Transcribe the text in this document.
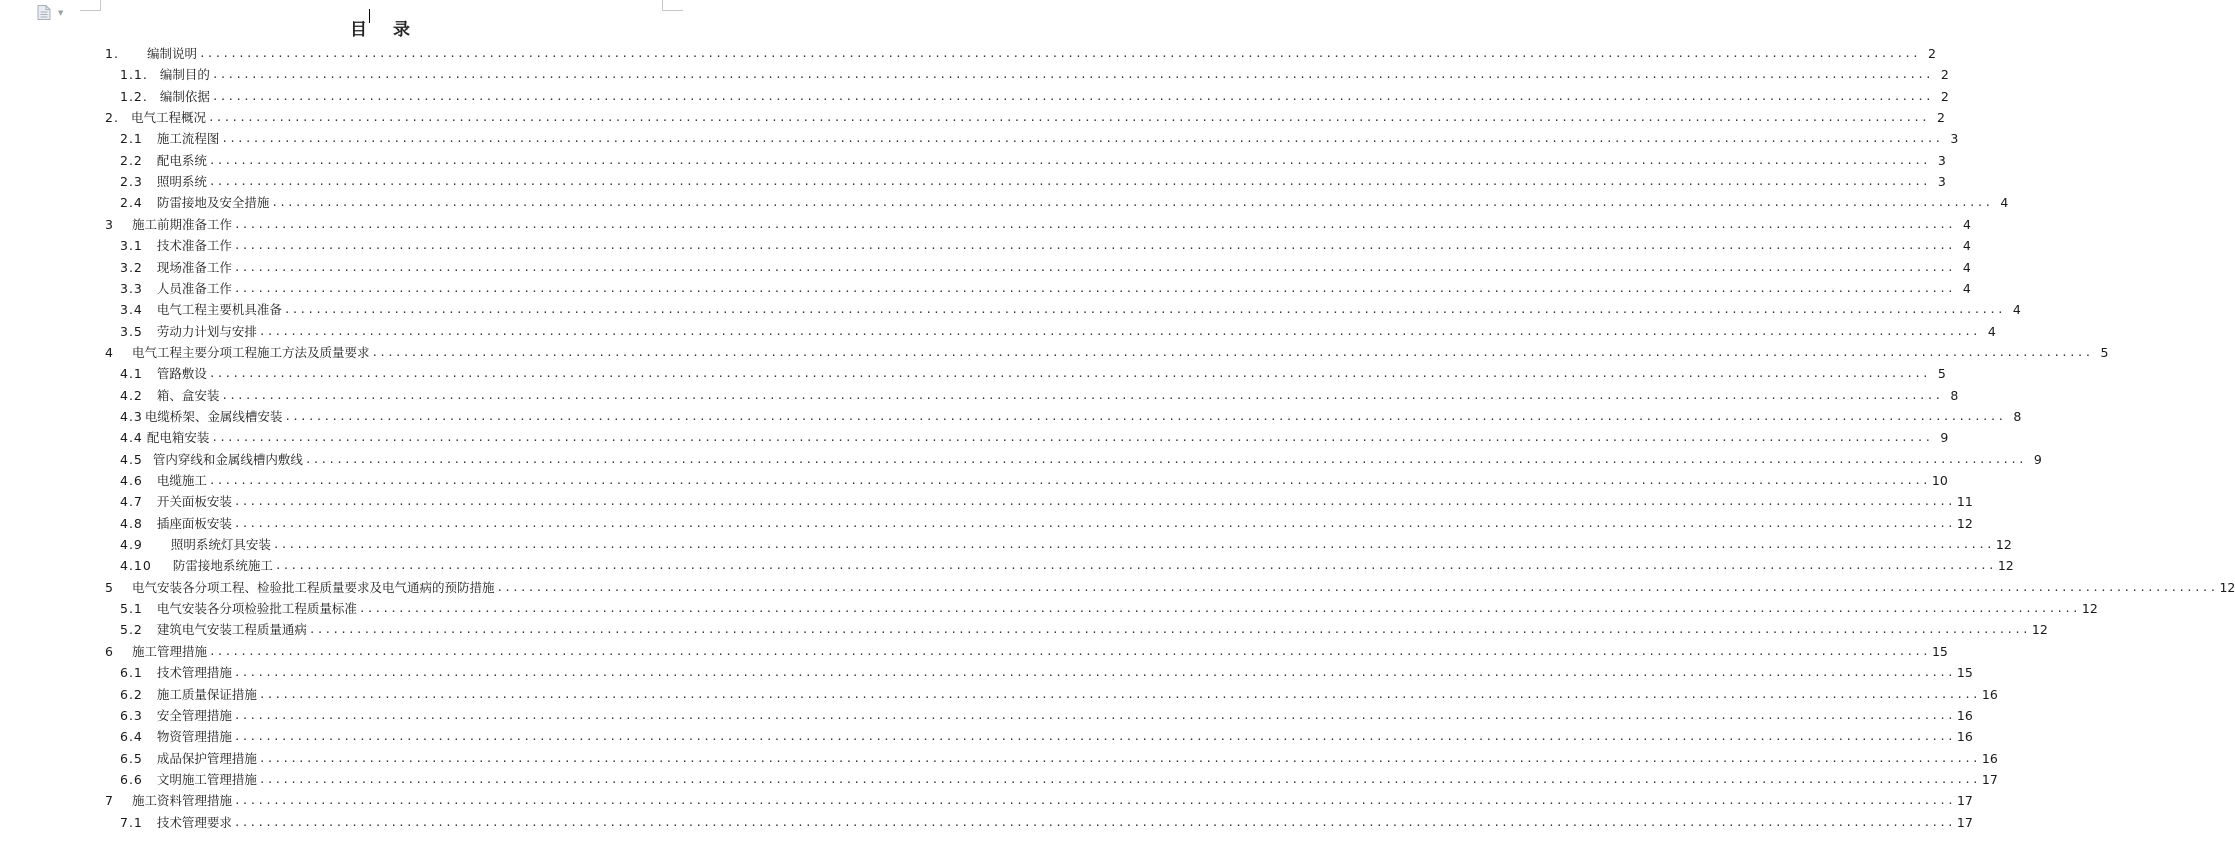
▼
目 录
1. 编制说明 ............................................................................................................................................................................................................................ 2
1.1. 编制目的 ............................................................................................................................................................................................................................ 2
1.2. 编制依据 ............................................................................................................................................................................................................................ 2
2. 电气工程概况 ............................................................................................................................................................................................................................ 2
2.1 施工流程图 ............................................................................................................................................................................................................................ 3
2.2 配电系统 ............................................................................................................................................................................................................................ 3
2.3 照明系统 ............................................................................................................................................................................................................................ 3
2.4 防雷接地及安全措施 ............................................................................................................................................................................................................................ 4
3 施工前期准备工作 ............................................................................................................................................................................................................................ 4
3.1 技术准备工作 ............................................................................................................................................................................................................................ 4
3.2 现场准备工作 ............................................................................................................................................................................................................................ 4
3.3 人员准备工作 ............................................................................................................................................................................................................................ 4
3.4 电气工程主要机具准备 ............................................................................................................................................................................................................................ 4
3.5 劳动力计划与安排 ............................................................................................................................................................................................................................ 4
4 电气工程主要分项工程施工方法及质量要求 ............................................................................................................................................................................................................................ 5
4.1 管路敷设 ............................................................................................................................................................................................................................ 5
4.2 箱、盒安装 ............................................................................................................................................................................................................................ 8
4.3 电缆桥架、金属线槽安装 ............................................................................................................................................................................................................................ 8
4.4 配电箱安装 ............................................................................................................................................................................................................................ 9
4.5 管内穿线和金属线槽内敷线 ............................................................................................................................................................................................................................ 9
4.6 电缆施工 ............................................................................................................................................................................................................................ 10
4.7 开关面板安装 ............................................................................................................................................................................................................................ 11
4.8 插座面板安装 ............................................................................................................................................................................................................................ 12
4.9 照明系统灯具安装 ............................................................................................................................................................................................................................ 12
4.10 防雷接地系统施工 ............................................................................................................................................................................................................................ 12
5 电气安装各分项工程、检验批工程质量要求及电气通病的预防措施 ............................................................................................................................................................................................................................ 12
5.1 电气安装各分项检验批工程质量标准 ............................................................................................................................................................................................................................ 12
5.2 建筑电气安装工程质量通病 ............................................................................................................................................................................................................................ 12
6 施工管理措施 ............................................................................................................................................................................................................................ 15
6.1 技术管理措施 ............................................................................................................................................................................................................................ 15
6.2 施工质量保证措施 ............................................................................................................................................................................................................................ 16
6.3 安全管理措施 ............................................................................................................................................................................................................................ 16
6.4 物资管理措施 ............................................................................................................................................................................................................................ 16
6.5 成品保护管理措施 ............................................................................................................................................................................................................................ 16
6.6 文明施工管理措施 ............................................................................................................................................................................................................................ 17
7 施工资料管理措施 ............................................................................................................................................................................................................................ 17
7.1 技术管理要求 ............................................................................................................................................................................................................................ 17
